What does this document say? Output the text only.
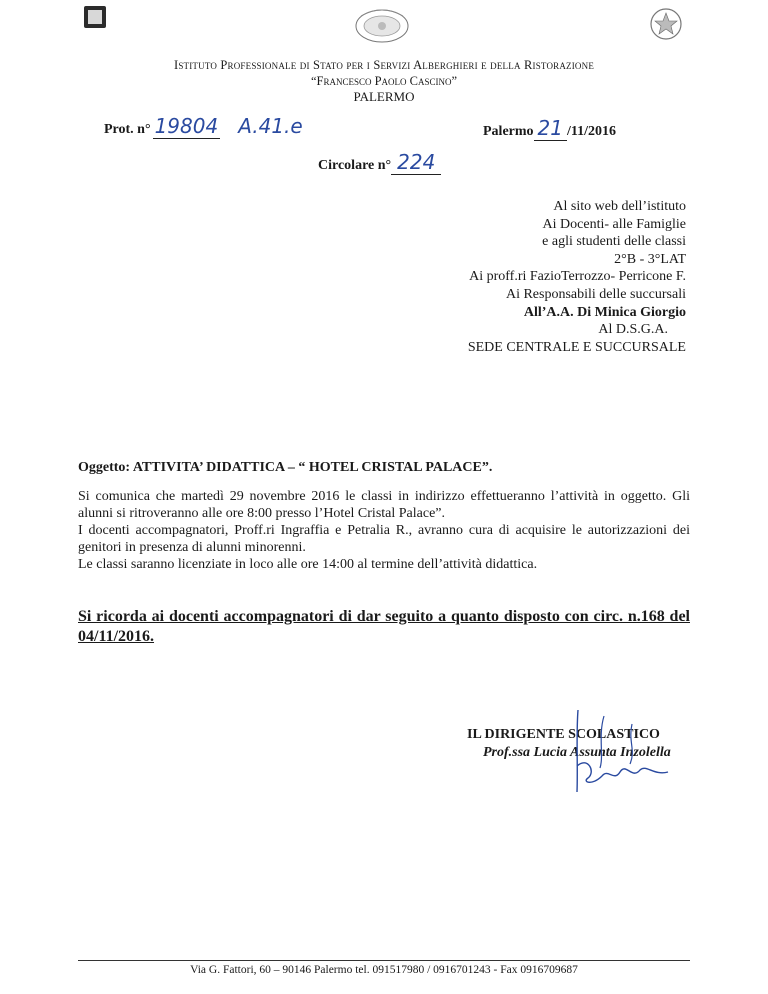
Istituto Professionale di Stato per i Servizi Alberghieri e della Ristorazione
“Francesco Paolo Cascino”
PALERMO
Prot. n° 19804 A.41.e	Palermo 21 /11/2016
Circolare n° 224
Al sito web dell’istituto
Ai Docenti- alle Famiglie
e agli studenti delle classi
2°B - 3°LAT
Ai proff.ri FazioTerrozzo- Perricone F.
Ai Responsabili delle succursali
All’A.A. Di Minica Giorgio
Al D.S.G.A.
SEDE CENTRALE E SUCCURSALE
Oggetto: ATTIVITA’ DIDATTICA – “ HOTEL CRISTAL PALACE”.

Si comunica che martedì 29 novembre 2016 le classi in indirizzo effettueranno l’attività in oggetto. Gli alunni si ritroveranno alle ore 8:00 presso l’Hotel Cristal Palace”.

I docenti accompagnatori, Proff.ri Ingraffia e Petralia R., avranno cura di acquisire le autorizzazioni dei genitori in presenza di alunni minorenni.

Le classi saranno licenziate in loco alle ore 14:00 al termine dell’attività didattica.

Si ricorda ai docenti accompagnatori di dar seguito a quanto disposto con circ. n.168 del 04/11/2016.
IL DIRIGENTE SCOLASTICO
Prof.ssa Lucia Assunta Inzolella
Via G. Fattori, 60 – 90146 Palermo tel. 091517980 / 0916701243 - Fax 0916709687
